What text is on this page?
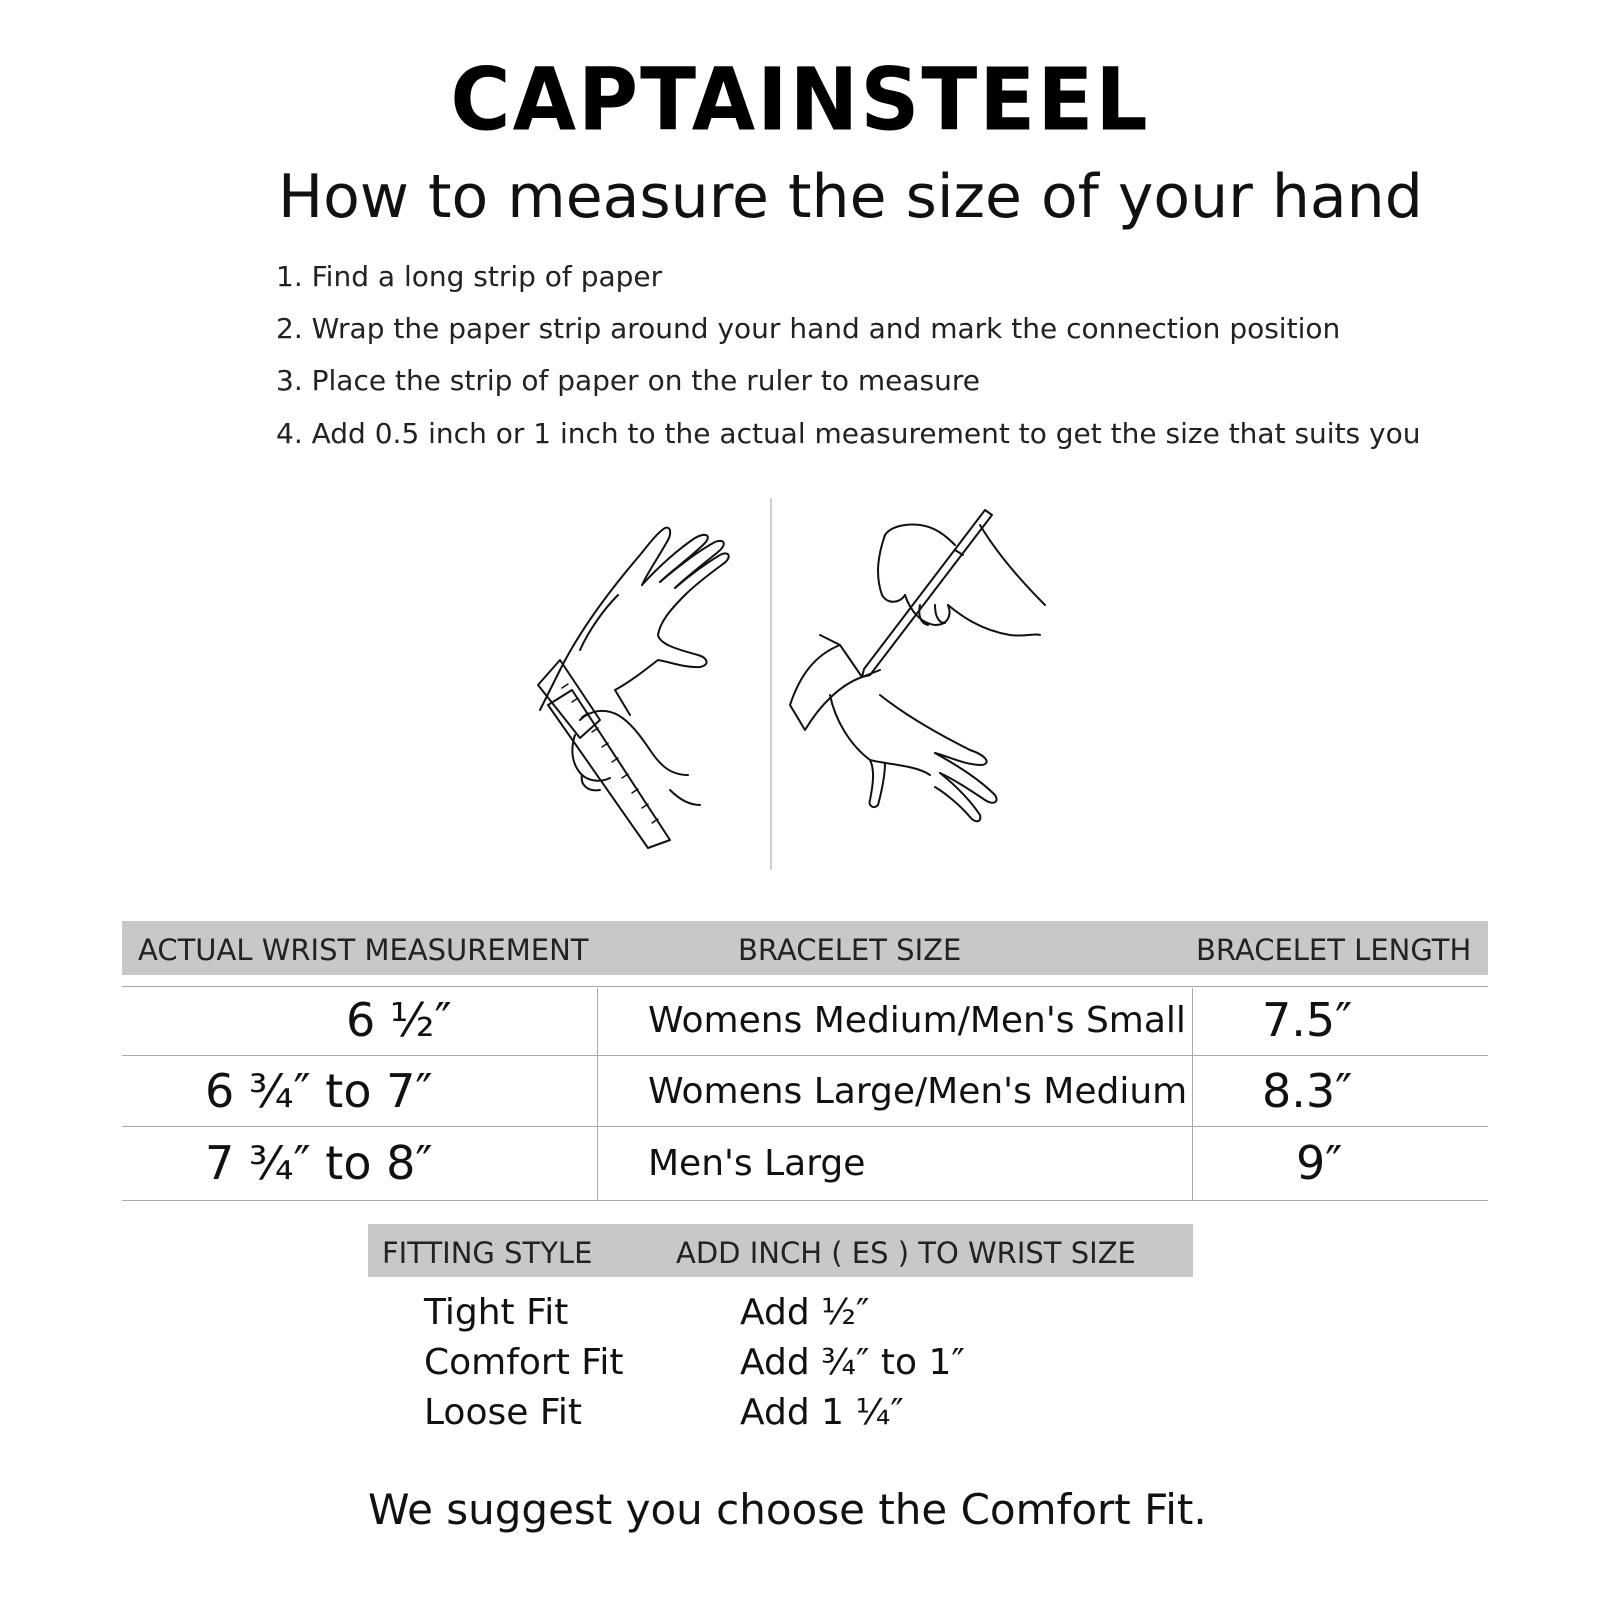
CAPTAINSTEEL
How to measure the size of your hand
1. Find a long strip of paper
2. Wrap the paper strip around your hand and mark the connection position
3. Place the strip of paper on the ruler to measure
4. Add 0.5 inch or 1 inch to the actual measurement to get the size that suits you
ACTUAL WRIST MEASUREMENT	BRACELET SIZE	BRACELET LENGTH
6 ½″	Womens Medium/Men's Small 7.5″
6 ¾″ to 7″	Womens Large/Men's Medium 8.3″
7 ¾″ to 8″	Men's Large	9″
FITTING STYLE	ADD INCH ( ES ) TO WRIST SIZE
Tight Fit	Add ½″
Comfort Fit	Add ¾″ to 1″
Loose Fit	Add 1 ¼″
We suggest you choose the Comfort Fit.
